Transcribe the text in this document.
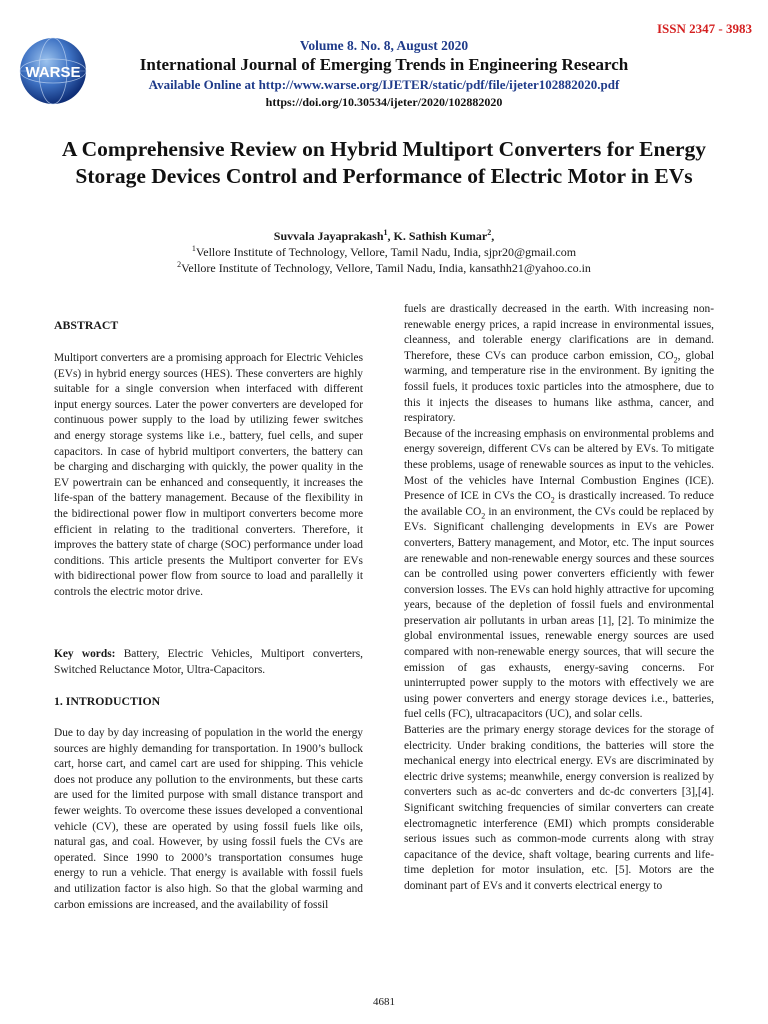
WARSE
ISSN 2347 - 3983
Volume 8. No. 8, August 2020
International Journal of Emerging Trends in Engineering Research
Available Online at http://www.warse.org/IJETER/static/pdf/file/ijeter102882020.pdf
https://doi.org/10.30534/ijeter/2020/102882020
A Comprehensive Review on Hybrid Multiport Converters for Energy Storage Devices Control and Performance of Electric Motor in EVs
Suvvala Jayaprakash$^1$, K. Sathish Kumar$^2$,
$^1$Vellore Institute of Technology, Vellore, Tamil Nadu, India, sjpr20@gmail.com
$^2$Vellore Institute of Technology, Vellore, Tamil Nadu, India, kansathh21@yahoo.co.in
ABSTRACT
Multiport converters are a promising approach for Electric Vehicles (EVs) in hybrid energy sources (HES). These converters are highly suitable for a single conversion when interfaced with different input energy sources. Later the power converters are developed for continuous power supply to the load by utilizing fewer switches and energy storage systems like i.e., battery, fuel cells, and super capacitors. In case of hybrid multiport converters, the battery can be charging and discharging with quickly, the power quality in the EV powertrain can be enhanced and consequently, it increases the life-span of the battery management. Because of the flexibility in the bidirectional power flow in multiport converters become more efficient in relating to the traditional converters. Therefore, it improves the battery state of charge (SOC) performance under load conditions. This article presents the Multiport converter for EVs with bidirectional power flow from source to load and parallelly it controls the electric motor drive.
Key words: Battery, Electric Vehicles, Multiport converters, Switched Reluctance Motor, Ultra-Capacitors.
1. INTRODUCTION
Due to day by day increasing of population in the world the energy sources are highly demanding for transportation. In 1900’s bullock cart, horse cart, and camel cart are used for shipping. This vehicle does not produce any pollution to the environments, but these carts are used for the limited purpose with small distance transport and fewer weights. To overcome these issues developed a conventional vehicle (CV), these are operated by using fossil fuels like oils, natural gas, and coal. However, by using fossil fuels the CVs are operated. Since 1990 to 2000’s transportation consumes huge energy to run a vehicle. That energy is available with fossil fuels and utilization factor is also high. So that the global warming and carbon emissions are increased, and the availability of fossil

fuels are drastically decreased in the earth. With increasing non- renewable energy prices, a rapid increase in environmental issues, cleanness, and tolerable energy clarifications are in demand. Therefore, these CVs can produce carbon emission, $CO_2$, global warming, and temperature rise in the environment. By igniting the fossil fuels, it produces toxic particles into the atmosphere, due to this it injects the diseases to humans like asthma, cancer, and respiratory.

Because of the increasing emphasis on environmental problems and energy sovereign, different CVs can be altered by EVs. To mitigate these problems, usage of renewable sources as input to the vehicles. Most of the vehicles have Internal Combustion Engines (ICE). Presence of ICE in CVs the $CO_2$ is drastically increased. To reduce the available $CO_2$ in an environment, the CVs could be replaced by EVs. Significant challenging developments in EVs are Power converters, Battery management, and Motor, etc. The input sources are renewable and non-renewable energy sources and these sources can be controlled using power converters efficiently with fewer conversion losses. The EVs can hold highly attractive for upcoming years, because of the depletion of fossil fuels and environmental preservation air pollutants in urban areas [1], [2]. To minimize the global environmental issues, renewable energy sources are used compared with non-renewable energy sources, that will secure the emission of gas exhausts, energy-saving concerns. For uninterrupted power supply to the motors with effectively we are using power converters and energy storage devices i.e., batteries, fuel cells (FC), ultracapacitors (UC), and solar cells.

Batteries are the primary energy storage devices for the storage of electricity. Under braking conditions, the batteries will store the mechanical energy into electrical energy. EVs are discriminated by electric drive systems; meanwhile, energy conversion is realized by converters such as ac-dc converters and dc-dc converters [3],[4]. Significant switching frequencies of similar converters can create electromagnetic interference (EMI) which prompts considerable serious issues such as common-mode currents along with stray capacitance of the device, shaft voltage, bearing currents and life- time depletion for motor insulation, etc. [5]. Motors are the dominant part of EVs and it converts electrical energy to

4681
